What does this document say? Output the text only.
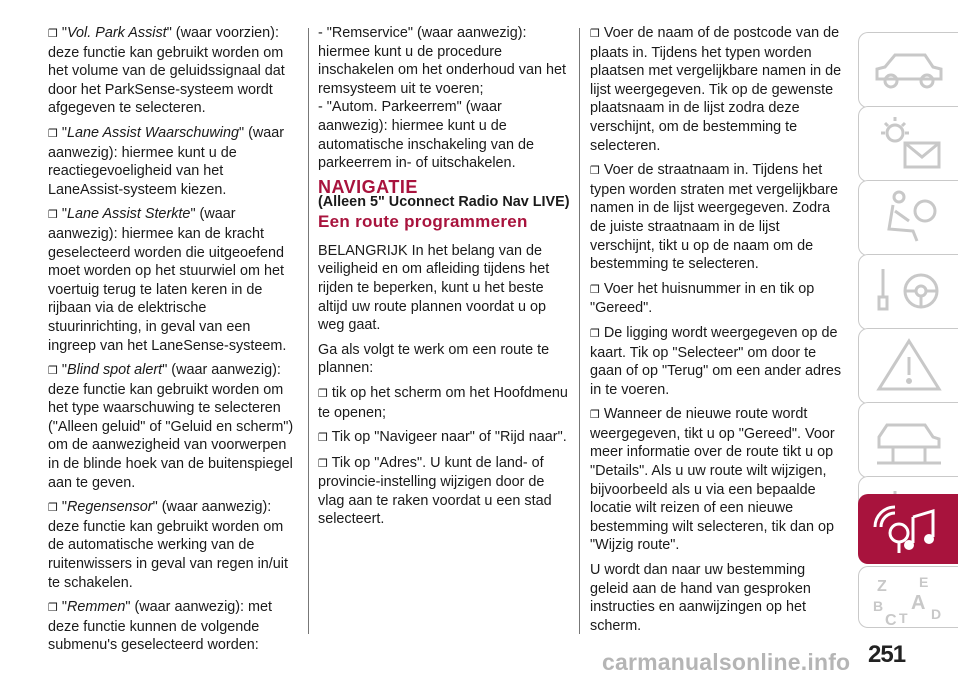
❒ "Vol. Park Assist" (waar voorzien): deze functie kan gebruikt worden om het volume van de geluidssignaal dat door het ParkSense-systeem wordt afgegeven te selecteren.

❒ "Lane Assist Waarschuwing" (waar aanwezig): hiermee kunt u de reactiegevoeligheid van het LaneAssist-systeem kiezen.

❒ "Lane Assist Sterkte" (waar aanwezig): hiermee kan de kracht geselecteerd worden die uitgeoefend moet worden op het stuurwiel om het voertuig terug te laten keren in de rijbaan via de elektrische stuurinrichting, in geval van een ingreep van het LaneSense-systeem.

❒ "Blind spot alert" (waar aanwezig): deze functie kan gebruikt worden om het type waarschuwing te selecteren ("Alleen geluid" of "Geluid en scherm") om de aanwezigheid van voorwerpen in de blinde hoek van de buitenspiegel aan te geven.

❒ "Regensensor" (waar aanwezig): deze functie kan gebruikt worden om de automatische werking van de ruitenwissers in geval van regen in/uit te schakelen.

❒ "Remmen" (waar aanwezig): met deze functie kunnen de volgende submenu's geselecteerd worden:

- "Remservice" (waar aanwezig): hiermee kunt u de procedure inschakelen om het onderhoud van het remsysteem uit te voeren;

- "Autom. Parkeerrem" (waar aanwezig): hiermee kunt u de automatische inschakeling van de parkeerrem in- of uitschakelen.

NAVIGATIE
(Alleen 5" Uconnect Radio Nav LIVE)
Een route programmeren

BELANGRIJK In het belang van de veiligheid en om afleiding tijdens het rijden te beperken, kunt u het beste altijd uw route plannen voordat u op weg gaat.

Ga als volgt te werk om een route te plannen:

❒ tik op het scherm om het Hoofdmenu te openen;

❒ Tik op "Navigeer naar" of "Rijd naar".

❒ Tik op "Adres". U kunt de land- of provincie-instelling wijzigen door de vlag aan te raken voordat u een stad selecteert.

❒ Voer de naam of de postcode van de plaats in. Tijdens het typen worden plaatsen met vergelijkbare namen in de lijst weergegeven. Tik op de gewenste plaatsnaam in de lijst zodra deze verschijnt, om de bestemming te selecteren.

❒ Voer de straatnaam in. Tijdens het typen worden straten met vergelijkbare namen in de lijst weergegeven. Zodra de juiste straatnaam in de lijst verschijnt, tikt u op de naam om de bestemming te selecteren.

❒ Voer het huisnummer in en tik op "Gereed".

❒ De ligging wordt weergegeven op de kaart. Tik op "Selecteer" om door te gaan of op "Terug" om een ander adres in te voeren.

❒ Wanneer de nieuwe route wordt weergegeven, tikt u op "Gereed". Voor meer informatie over de route tikt u op "Details". Als u uw route wilt wijzigen, bijvoorbeeld als u via een bepaalde locatie wilt reizen of een nieuwe bestemming wilt selecteren, tik dan op "Wijzig route".

U wordt dan naar uw bestemming geleid aan de hand van gesproken instructies en aanwijzingen op het scherm.

Z E
B A
C T D
carmanualsonline.info 251
